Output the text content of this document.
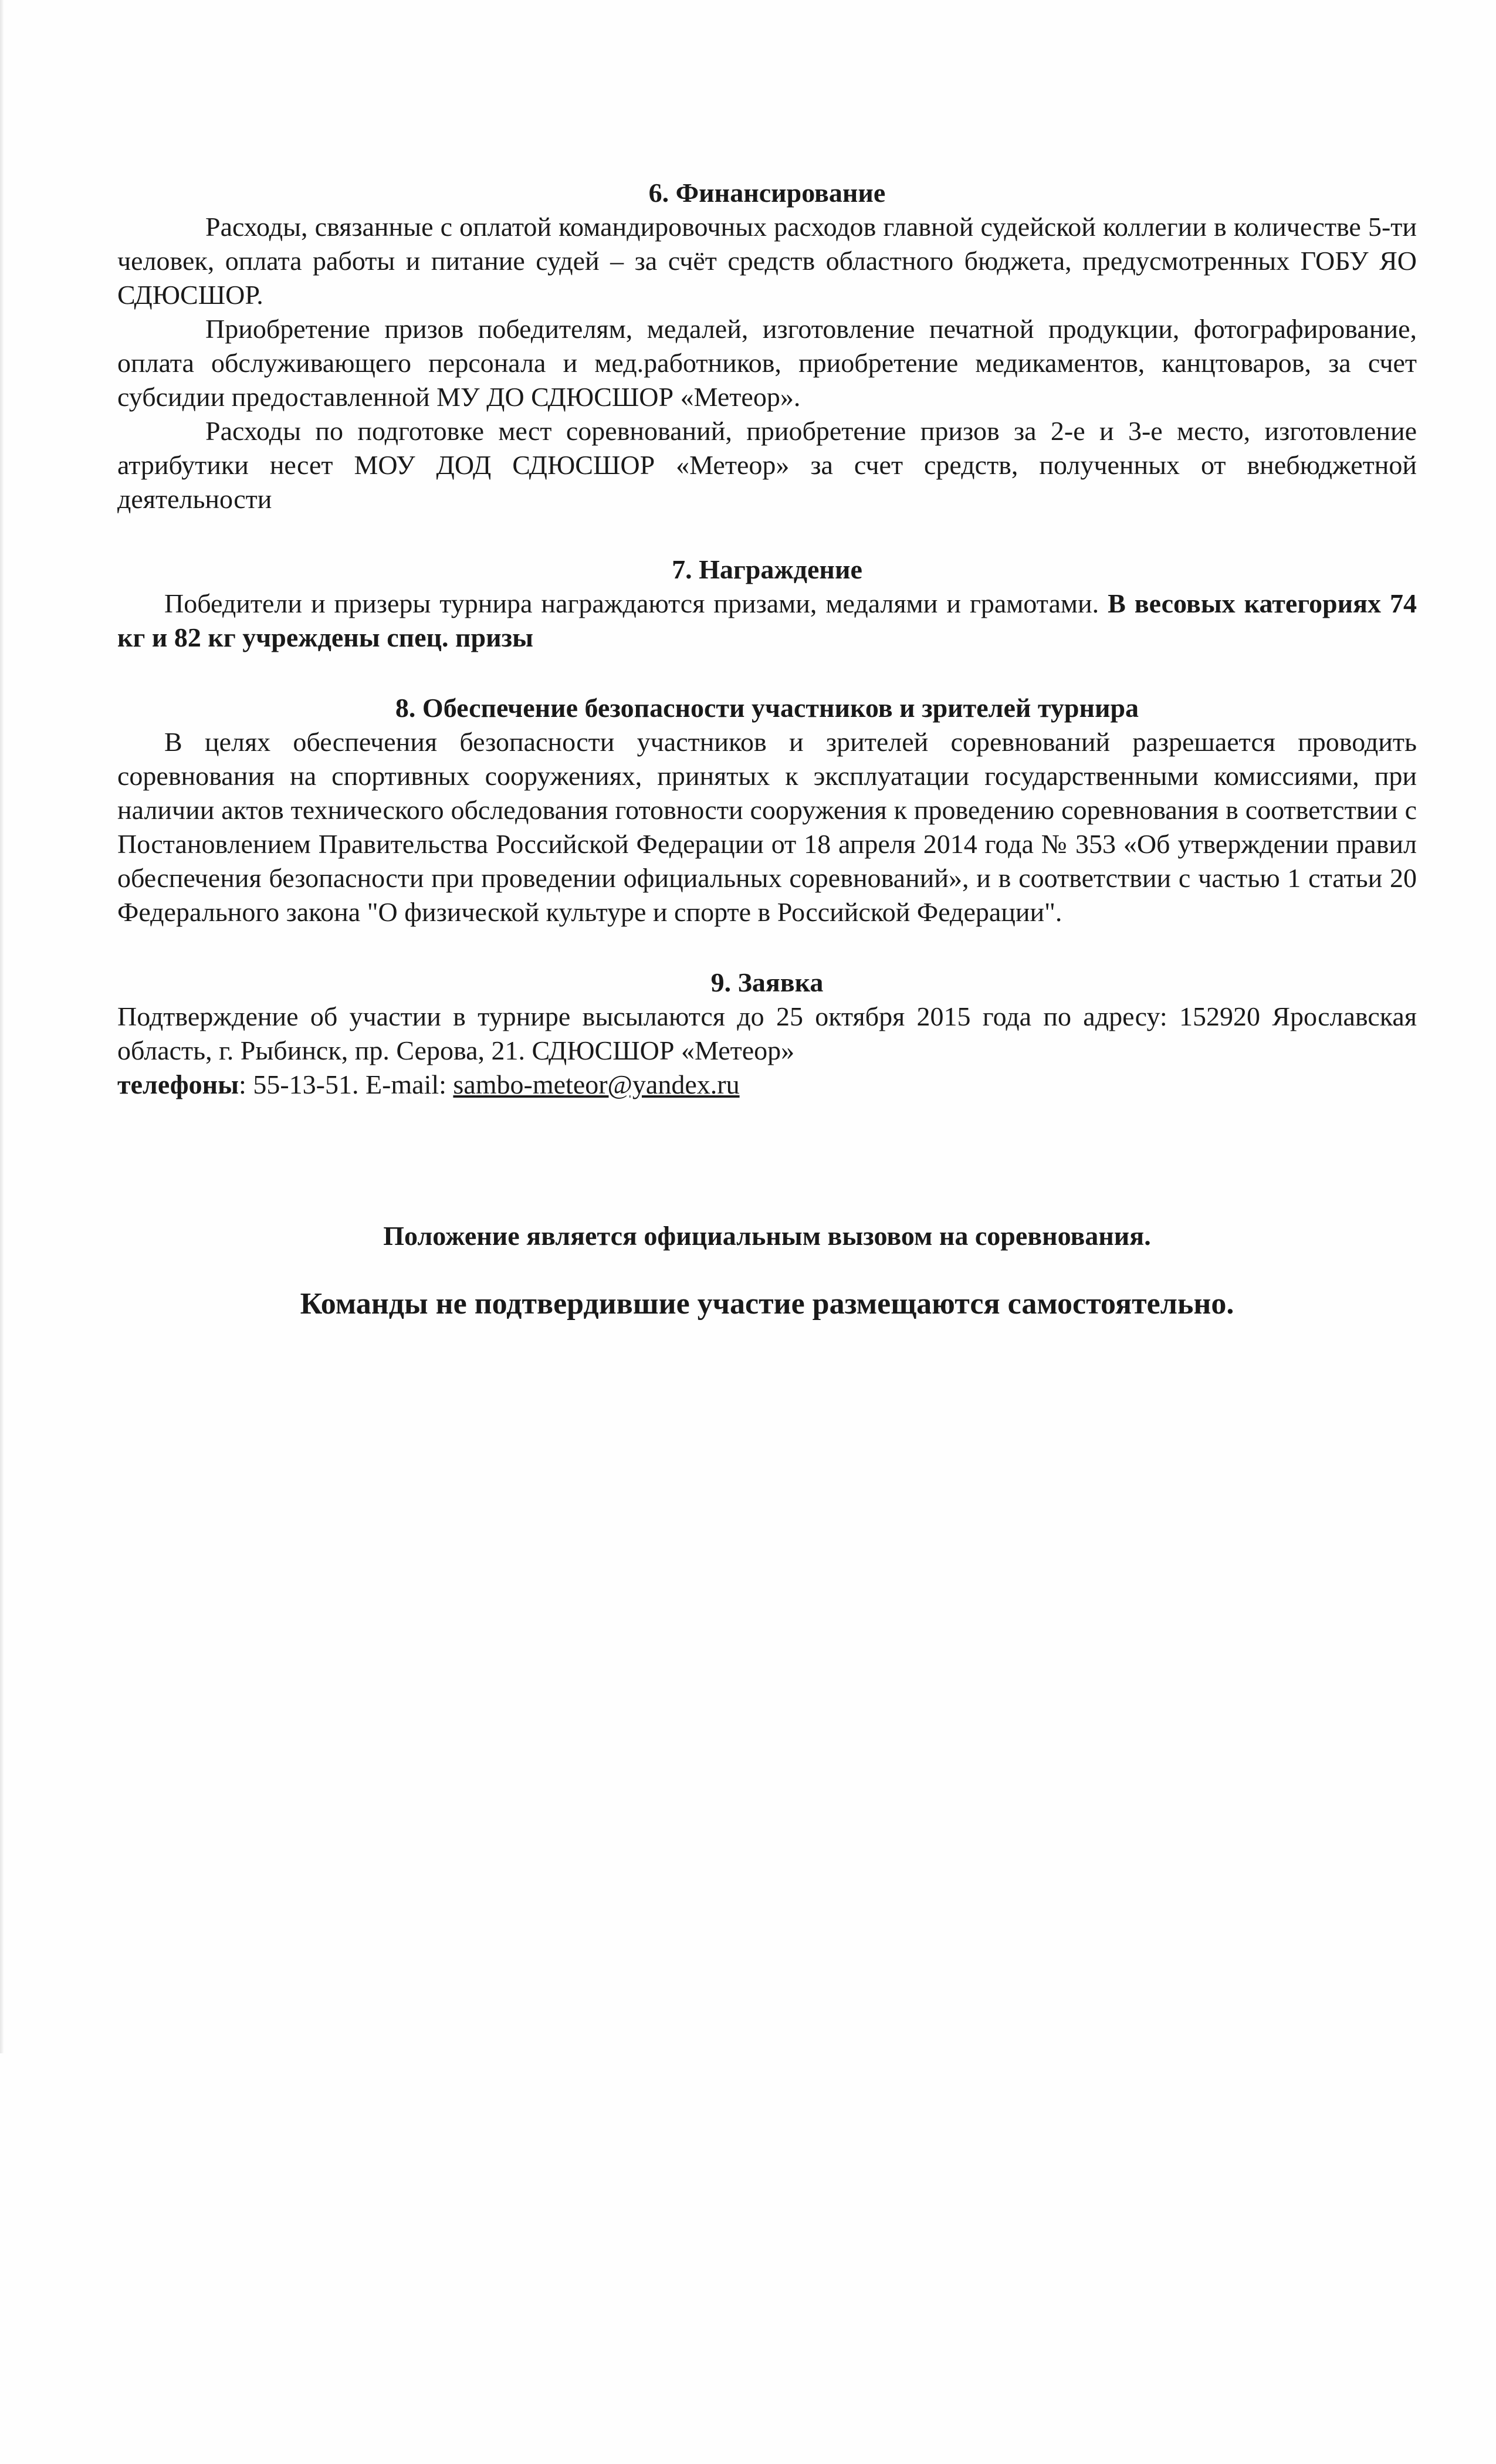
6. Финансирование

Расходы, связанные с оплатой командировочных расходов главной судейской коллегии в количестве 5-ти человек, оплата работы и питание судей – за счёт средств областного бюджета, предусмотренных ГОБУ ЯО СДЮСШОР.

Приобретение призов победителям, медалей, изготовление печатной продукции, фотографирование, оплата обслуживающего персонала и мед.работников, приобретение медикаментов, канцтоваров, за счет субсидии предоставленной МУ ДО СДЮСШОР «Метеор».

Расходы по подготовке мест соревнований, приобретение призов за 2-е и 3-е место, изготовление атрибутики несет МОУ ДОД СДЮСШОР «Метеор» за счет средств, полученных от внебюджетной деятельности

7. Награждение

Победители и призеры турнира награждаются призами, медалями и грамотами. В весовых категориях 74 кг и 82 кг учреждены спец. призы

8. Обеспечение безопасности участников и зрителей турнира

В целях обеспечения безопасности участников и зрителей соревнований разрешается проводить соревнования на спортивных сооружениях, принятых к эксплуатации государственными комиссиями, при наличии актов технического обследования готовности сооружения к проведению соревнования в соответствии с Постановлением Правительства Российской Федерации от 18 апреля 2014 года № 353 «Об утверждении правил обеспечения безопасности при проведении официальных соревнований», и в соответствии с частью 1 статьи 20 Федерального закона "О физической культуре и спорте в Российской Федерации".

9. Заявка

Подтверждение об участии в турнире высылаются до 25 октября 2015 года по адресу: 152920 Ярославская область, г. Рыбинск, пр. Серова, 21. СДЮСШОР «Метеор»

телефоны: 55-13-51. E-mail: sambo-meteor@yandex.ru

Положение является официальным вызовом на соревнования.

Команды не подтвердившие участие размещаются самостоятельно.
